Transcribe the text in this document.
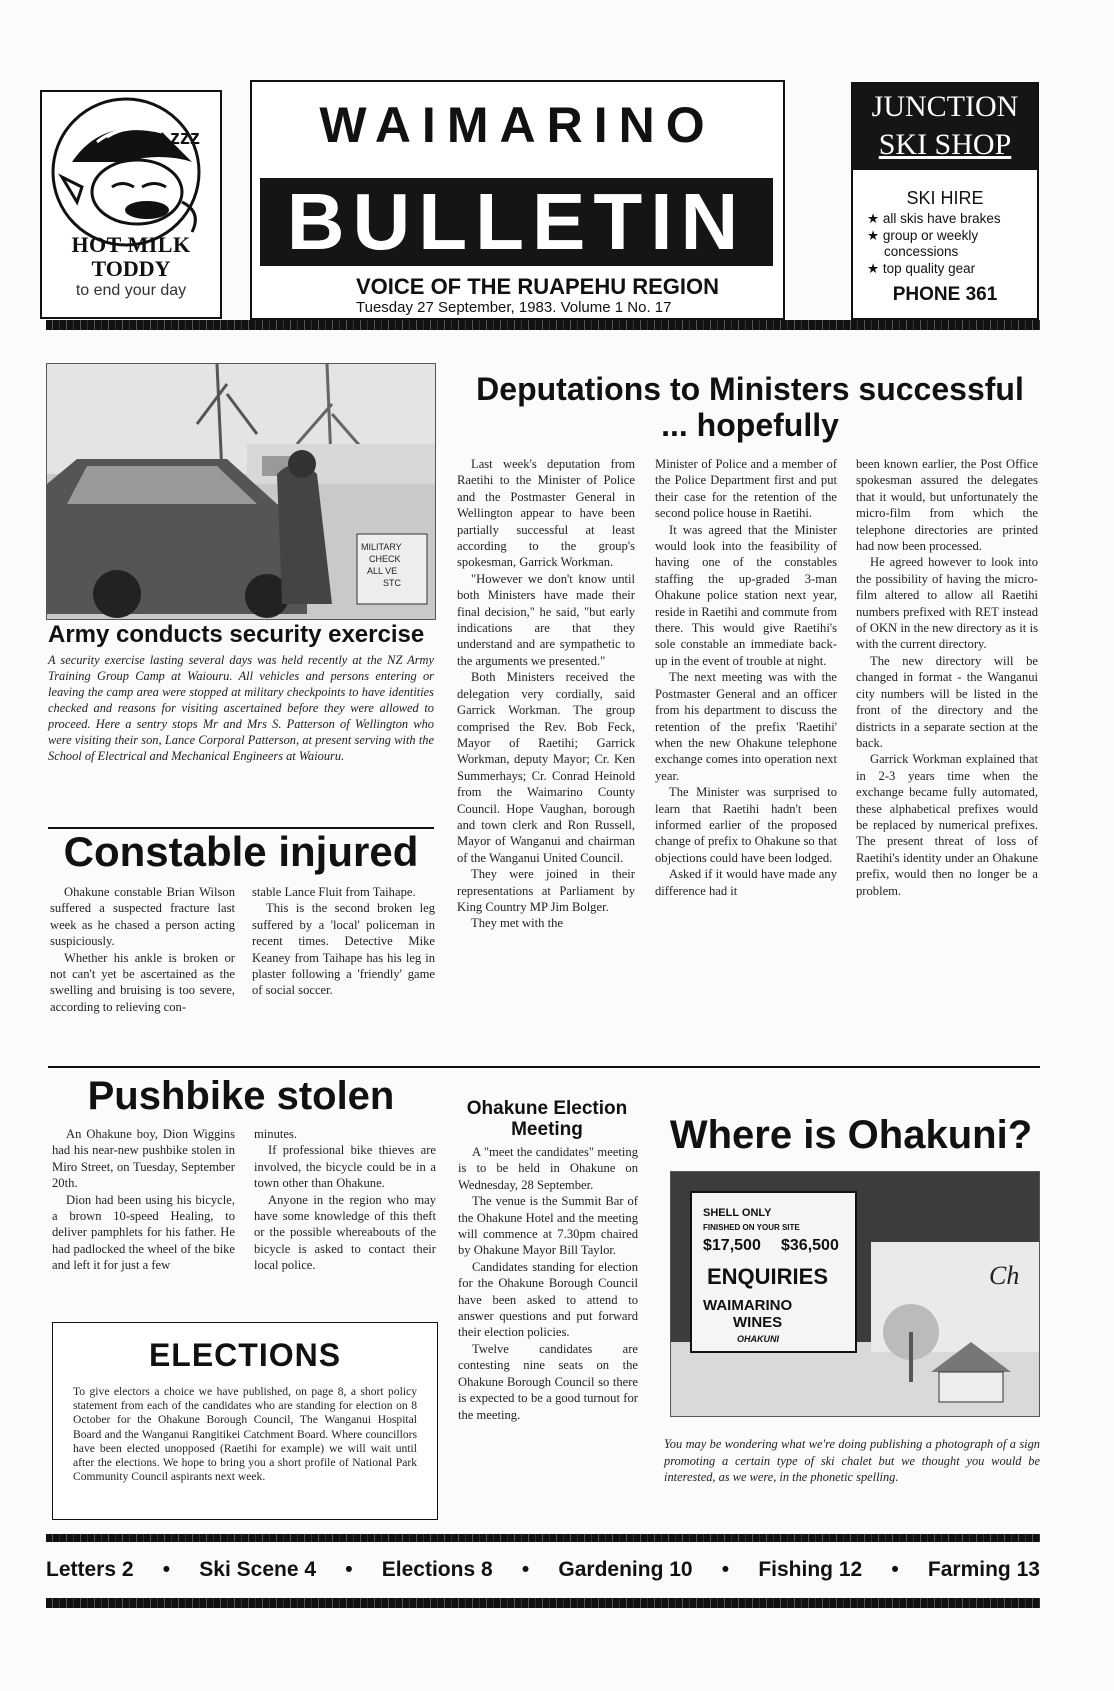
zzz
HOT MILK
TODDY
to end your day
WAIMARINO
BULLETIN
VOICE OF THE RUAPEHU REGION
Tuesday 27 September, 1983. Volume 1 No. 17
JUNCTION
SKI SHOP
SKI HIRE
★ all skis have brakes
★ group or weekly
concessions
★ top quality gear
PHONE 361
MILITARY
CHECK
ALL VE
STC
Army conducts security exercise
A security exercise lasting several days was held recently at the NZ Army Training Group Camp at Waiouru. All vehicles and persons entering or leaving the camp area were stopped at military checkpoints to have identities checked and reasons for visiting ascertained before they were allowed to proceed. Here a sentry stops Mr and Mrs S. Patterson of Wellington who were visiting their son, Lance Corporal Patterson, at present serving with the School of Electrical and Mechanical Engineers at Waiouru.
Constable injured

Ohakune constable Brian Wilson suffered a suspected fracture last week as he chased a person acting suspiciously.

Whether his ankle is broken or not can't yet be ascertained as the swelling and bruising is too severe, according to relieving con-

stable Lance Fluit from Taihape.

This is the second broken leg suffered by a 'local' policeman in recent times. Detective Mike Keaney from Taihape has his leg in plaster following a 'friendly' game of social soccer.

Deputations to Ministers successful
... hopefully

Last week's deputation from Raetihi to the Minister of Police and the Postmaster General in Wellington appear to have been partially successful at least according to the group's spokesman, Garrick Workman.

"However we don't know until both Ministers have made their final decision," he said, "but early indications are that they understand and are sympathetic to the arguments we presented."

Both Ministers received the delegation very cordially, said Garrick Workman. The group comprised the Rev. Bob Feck, Mayor of Raetihi; Garrick Workman, deputy Mayor; Cr. Ken Summerhays; Cr. Conrad Heinold from the Waimarino County Council. Hope Vaughan, borough and town clerk and Ron Russell, Mayor of Wanganui and chairman of the Wanganui United Council.

They were joined in their representations at Parliament by King Country MP Jim Bolger.

They met with the

Minister of Police and a member of the Police Department first and put their case for the retention of the second police house in Raetihi.

It was agreed that the Minister would look into the feasibility of having one of the constables staffing the up-graded 3-man Ohakune police station next year, reside in Raetihi and commute from there. This would give Raetihi's sole constable an immediate back-up in the event of trouble at night.

The next meeting was with the Postmaster General and an officer from his department to discuss the retention of the prefix 'Raetihi' when the new Ohakune telephone exchange comes into operation next year.

The Minister was surprised to learn that Raetihi hadn't been informed earlier of the proposed change of prefix to Ohakune so that objections could have been lodged.

Asked if it would have made any difference had it

been known earlier, the Post Office spokesman assured the delegates that it would, but unfortunately the micro-film from which the telephone directories are printed had now been processed.

He agreed however to look into the possibility of having the micro-film altered to allow all Raetihi numbers prefixed with RET instead of OKN in the new directory as it is with the current directory.

The new directory will be changed in format - the Wanganui city numbers will be listed in the front of the directory and the districts in a separate section at the back.

Garrick Workman explained that in 2-3 years time when the exchange became fully automated, these alphabetical prefixes would be replaced by numerical prefixes. The present threat of loss of Raetihi's identity under an Ohakune prefix, would then no longer be a problem.

Pushbike stolen

An Ohakune boy, Dion Wiggins had his near-new pushbike stolen in Miro Street, on Tuesday, September 20th.

Dion had been using his bicycle, a brown 10-speed Healing, to deliver pamphlets for his father. He had padlocked the wheel of the bike and left it for just a few

minutes.

If professional bike thieves are involved, the bicycle could be in a town other than Ohakune.

Anyone in the region who may have some knowledge of this theft or the possible whereabouts of the bicycle is asked to contact their local police.

ELECTIONS
To give electors a choice we have published, on page 8, a short policy statement from each of the candidates who are standing for election on 8 October for the Ohakune Borough Council, The Wanganui Hospital Board and the Wanganui Rangitikei Catchment Board. Where councillors have been elected unopposed (Raetihi for example) we will wait until after the elections. We hope to bring you a short profile of National Park Community Council aspirants next week.
Ohakune Election
Meeting

A "meet the candidates" meeting is to be held in Ohakune on Wednesday, 28 September.

The venue is the Summit Bar of the Ohakune Hotel and the meeting will commence at 7.30pm chaired by Ohakune Mayor Bill Taylor.

Candidates standing for election for the Ohakune Borough Council have been asked to attend to answer questions and put forward their election policies.

Twelve candidates are contesting nine seats on the Ohakune Borough Council so there is expected to be a good turnout for the meeting.

Where is Ohakuni?
SHELL ONLY
FINISHED ON YOUR SITE
$17,500 $36,500
ENQUIRIES
WAIMARINO
WINES
OHAKUNI
Ch
You may be wondering what we're doing publishing a photograph of a sign promoting a certain type of ski chalet but we thought you would be interested, as we were, in the phonetic spelling.
Letters 2 • Ski Scene 4 • Elections 8 • Gardening 10 • Fishing 12 • Farming 13
